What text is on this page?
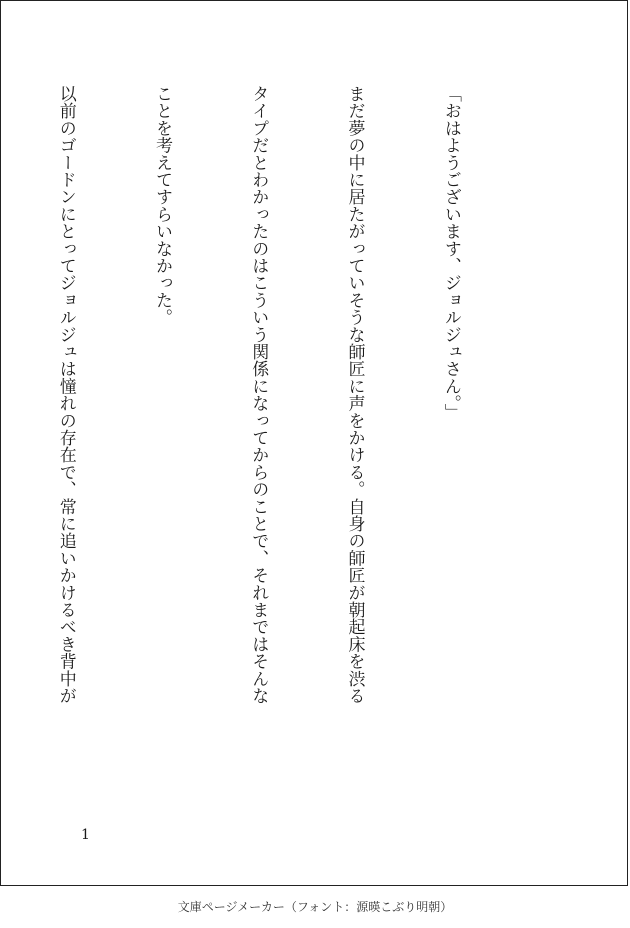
「おはようございます、ジョルジュさん。」

まだ夢の中に居たがっていそうな師匠に声をかける。自身の師匠が朝起床を渋る

タイプだとわかったのはこういう関係になってからのことで、それまではそんな

ことを考えてすらいなかった。

以前のゴードンにとってジョルジュは憧れの存在で、常に追いかけるべき背中が

1
文庫ページメーカー（フォント：源暎こぶり明朝）
